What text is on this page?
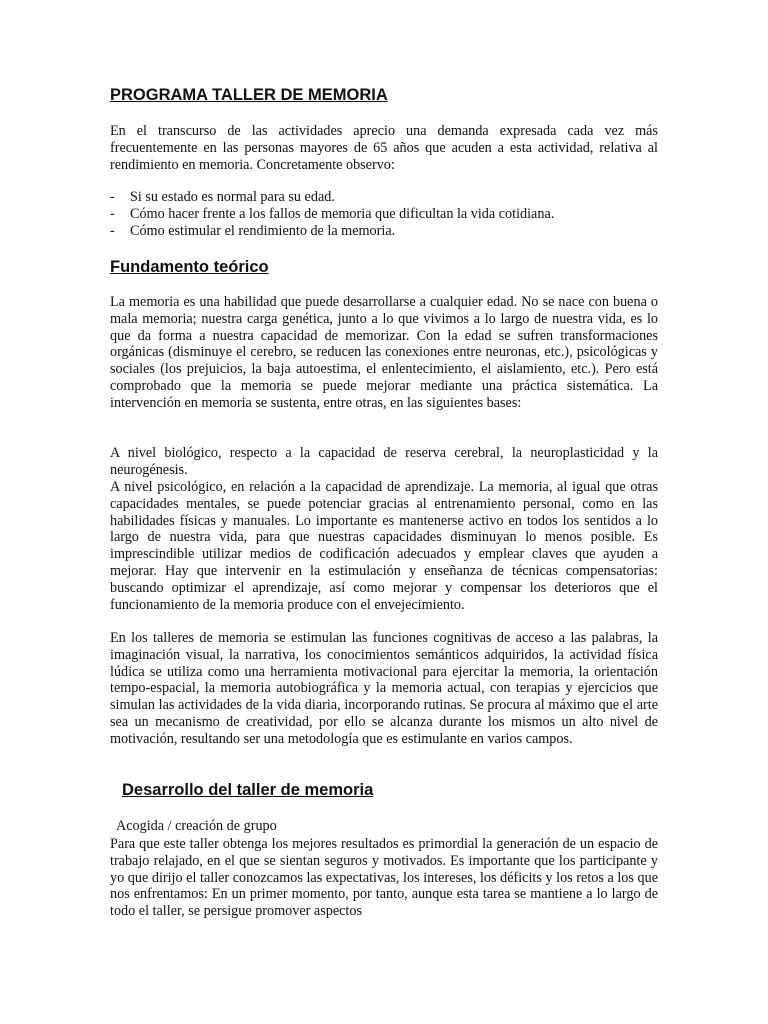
PROGRAMA TALLER DE MEMORIA

En el transcurso de las actividades aprecio una demanda expresada cada vez más frecuentemente en las personas mayores de 65 años que acuden a esta actividad, relativa al rendimiento en memoria. Concretamente observo:

- Si su estado es normal para su edad.
- Cómo hacer frente a los fallos de memoria que dificultan la vida cotidiana.
- Cómo estimular el rendimiento de la memoria.
Fundamento teórico

La memoria es una habilidad que puede desarrollarse a cualquier edad. No se nace con buena o mala memoria; nuestra carga genética, junto a lo que vivimos a lo largo de nuestra vida, es lo que da forma a nuestra capacidad de memorizar. Con la edad se sufren transformaciones orgánicas (disminuye el cerebro, se reducen las conexiones entre neuronas, etc.), psicológicas y sociales (los prejuicios, la baja autoestima, el enlentecimiento, el aislamiento, etc.). Pero está comprobado que la memoria se puede mejorar mediante una práctica sistemática. La intervención en memoria se sustenta, entre otras, en las siguientes bases:

A nivel biológico, respecto a la capacidad de reserva cerebral, la neuroplasticidad y la neurogénesis.

A nivel psicológico, en relación a la capacidad de aprendizaje. La memoria, al igual que otras capacidades mentales, se puede potenciar gracias al entrenamiento personal, como en las habilidades físicas y manuales. Lo importante es mantenerse activo en todos los sentidos a lo largo de nuestra vida, para que nuestras capacidades disminuyan lo menos posible. Es imprescindible utilizar medios de codificación adecuados y emplear claves que ayuden a mejorar. Hay que intervenir en la estimulación y enseñanza de técnicas compensatorias: buscando optimizar el aprendizaje, así como mejorar y compensar los deterioros que el funcionamiento de la memoria produce con el envejecimiento.

En los talleres de memoria se estimulan las funciones cognitivas de acceso a las palabras, la imaginación visual, la narrativa, los conocimientos semánticos adquiridos, la actividad física lúdica se utiliza como una herramienta motivacional para ejercitar la memoria, la orientación tempo-espacial, la memoria autobiográfica y la memoria actual, con terapias y ejercicios que simulan las actividades de la vida diaria, incorporando rutinas. Se procura al máximo que el arte sea un mecanismo de creatividad, por ello se alcanza durante los mismos un alto nivel de motivación, resultando ser una metodología que es estimulante en varios campos.

Desarrollo del taller de memoria

Acogida / creación de grupo

Para que este taller obtenga los mejores resultados es primordial la generación de un espacio de trabajo relajado, en el que se sientan seguros y motivados. Es importante que los participante y yo que dirijo el taller conozcamos las expectativas, los intereses, los déficits y los retos a los que nos enfrentamos: En un primer momento, por tanto, aunque esta tarea se mantiene a lo largo de todo el taller, se persigue promover aspectos
